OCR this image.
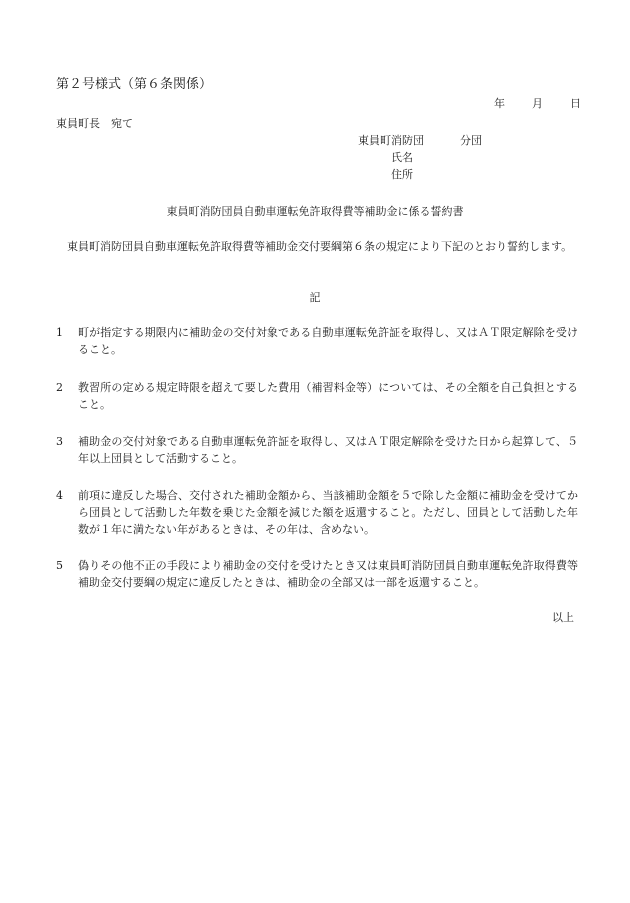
第２号様式（第６条関係）
年	月	日
東員町長　宛て
東員町消防団	分団
氏名
住所
東員町消防団員自動車運転免許取得費等補助金に係る誓約書
東員町消防団員自動車運転免許取得費等補助金交付要綱第６条の規定により下記のとおり誓約します。
記
1	町が指定する期限内に補助金の交付対象である自動車運転免許証を取得し、又はＡＴ限定解除を受けること。
2	教習所の定める規定時限を超えて要した費用（補習料金等）については、その全額を自己負担とすること。
3	補助金の交付対象である自動車運転免許証を取得し、又はＡＴ限定解除を受けた日から起算して、５年以上団員として活動すること。
4	前項に違反した場合、交付された補助金額から、当該補助金額を５で除した金額に補助金を受けてから団員として活動した年数を乗じた金額を減じた額を返還すること。ただし、団員として活動した年数が１年に満たない年があるときは、その年は、含めない。
5	偽りその他不正の手段により補助金の交付を受けたとき又は東員町消防団員自動車運転免許取得費等補助金交付要綱の規定に違反したときは、補助金の全部又は一部を返還すること。
以上
